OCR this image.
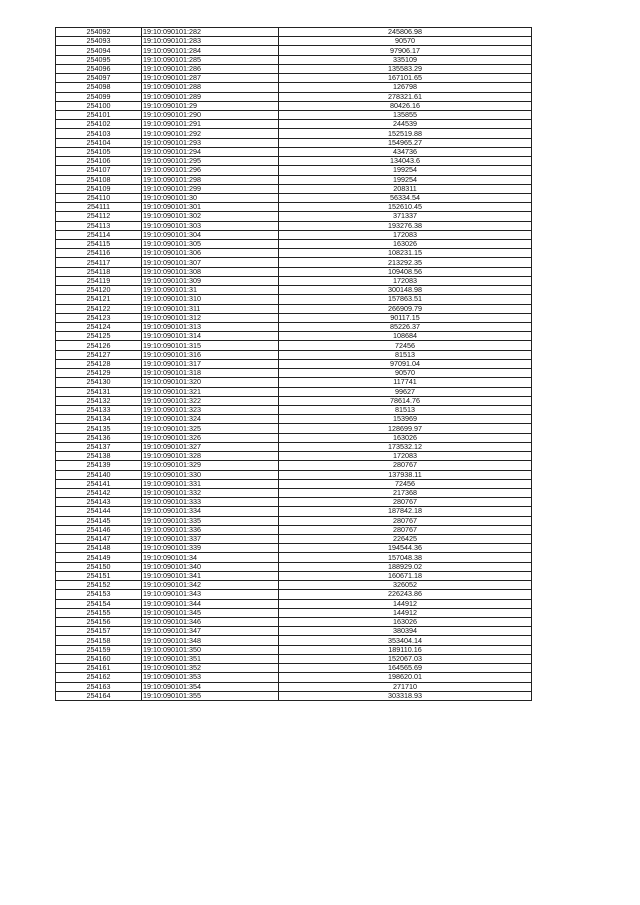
254092	19:10:090101:282	245806.98
254093	19:10:090101:283	90570
254094	19:10:090101:284	97906.17
254095	19:10:090101:285	335109
254096	19:10:090101:286	135583.29
254097	19:10:090101:287	167101.65
254098	19:10:090101:288	126798
254099	19:10:090101:289	278321.61
254100	19:10:090101:29	80426.16
254101	19:10:090101:290	135855
254102	19:10:090101:291	244539
254103	19:10:090101:292	152519.88
254104	19:10:090101:293	154965.27
254105	19:10:090101:294	434736
254106	19:10:090101:295	134043.6
254107	19:10:090101:296	199254
254108	19:10:090101:298	199254
254109	19:10:090101:299	208311
254110	19:10:090101:30	56334.54
254111	19:10:090101:301	152610.45
254112	19:10:090101:302	371337
254113	19:10:090101:303	193276.38
254114	19:10:090101:304	172083
254115	19:10:090101:305	163026
254116	19:10:090101:306	108231.15
254117	19:10:090101:307	213292.35
254118	19:10:090101:308	109408.56
254119	19:10:090101:309	172083
254120	19:10:090101:31	300148.98
254121	19:10:090101:310	157863.51
254122	19:10:090101:311	266909.79
254123	19:10:090101:312	90117.15
254124	19:10:090101:313	85226.37
254125	19:10:090101:314	108684
254126	19:10:090101:315	72456
254127	19:10:090101:316	81513
254128	19:10:090101:317	97091.04
254129	19:10:090101:318	90570
254130	19:10:090101:320	117741
254131	19:10:090101:321	99627
254132	19:10:090101:322	78614.76
254133	19:10:090101:323	81513
254134	19:10:090101:324	153969
254135	19:10:090101:325	128699.97
254136	19:10:090101:326	163026
254137	19:10:090101:327	173532.12
254138	19:10:090101:328	172083
254139	19:10:090101:329	280767
254140	19:10:090101:330	137938.11
254141	19:10:090101:331	72456
254142	19:10:090101:332	217368
254143	19:10:090101:333	280767
254144	19:10:090101:334	187842.18
254145	19:10:090101:335	280767
254146	19:10:090101:336	280767
254147	19:10:090101:337	226425
254148	19:10:090101:339	194544.36
254149	19:10:090101:34	157048.38
254150	19:10:090101:340	188929.02
254151	19:10:090101:341	160671.18
254152	19:10:090101:342	326052
254153	19:10:090101:343	226243.86
254154	19:10:090101:344	144912
254155	19:10:090101:345	144912
254156	19:10:090101:346	163026
254157	19:10:090101:347	380394
254158	19:10:090101:348	353404.14
254159	19:10:090101:350	189110.16
254160	19:10:090101:351	152067.03
254161	19:10:090101:352	164565.69
254162	19:10:090101:353	198620.01
254163	19:10:090101:354	271710
254164	19:10:090101:355	303318.93
